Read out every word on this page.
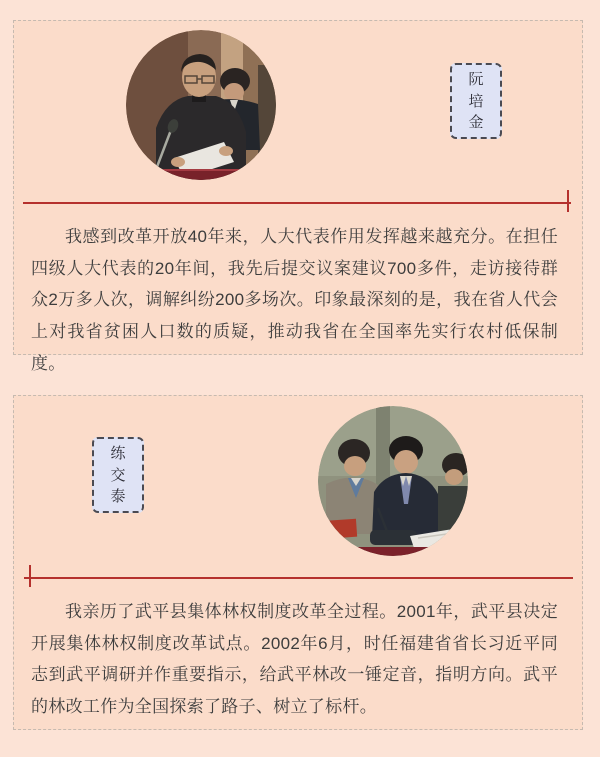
阮
培
金

我感到改革开放40年来，人大代表作用发挥越来越充分。在担任四级人大代表的20年间，我先后提交议案建议700多件，走访接待群众2万多人次，调解纠纷200多场次。印象最深刻的是，我在省人代会上对我省贫困人口数的质疑，推动我省在全国率先实行农村低保制度。

练
交
泰

我亲历了武平县集体林权制度改革全过程。2001年，武平县决定开展集体林权制度改革试点。2002年6月，时任福建省省长习近平同志到武平调研并作重要指示，给武平林改一锤定音，指明方向。武平的林改工作为全国探索了路子、树立了标杆。
